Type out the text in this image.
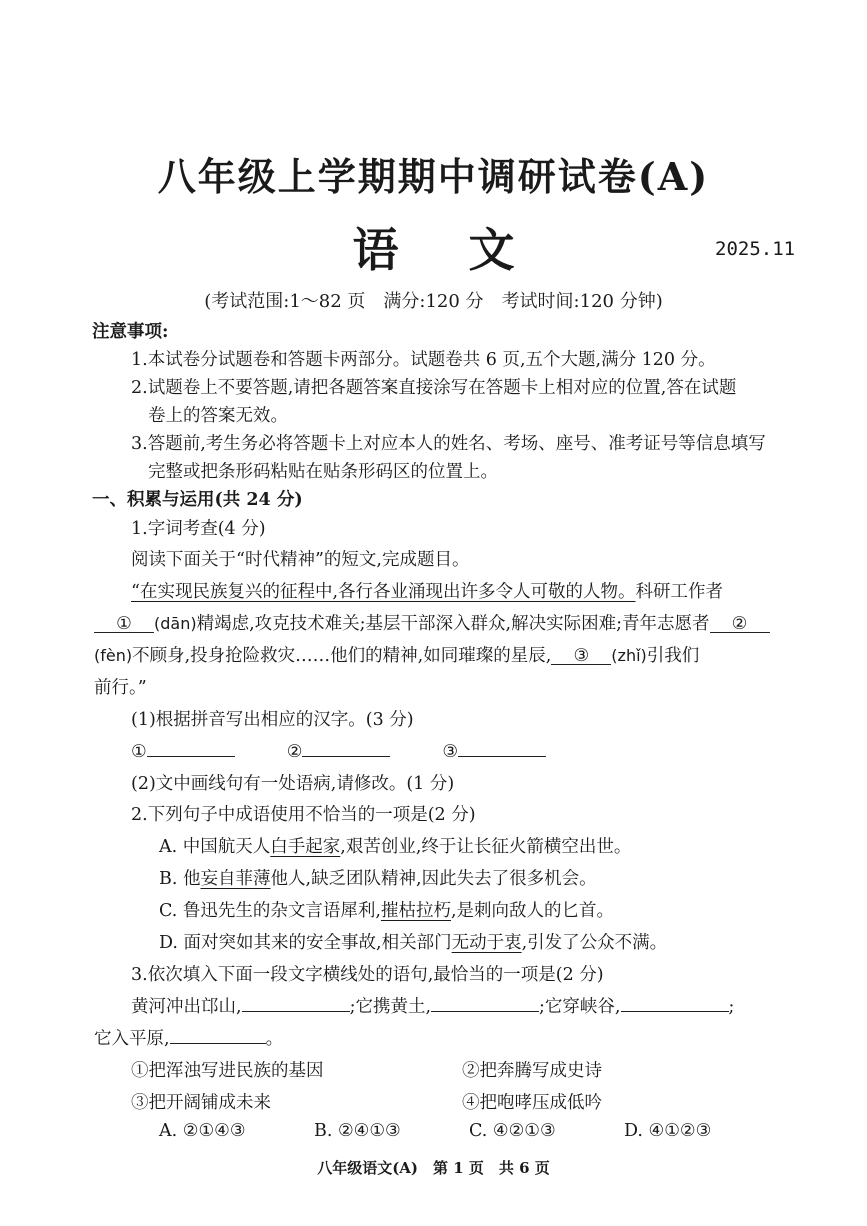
八年级上学期期中调研试卷(A)
语文	2025.11
(考试范围:1～82 页　满分:120 分　考试时间:120 分钟)
注意事项:
1.本试卷分试题卷和答题卡两部分。试题卷共 6 页,五个大题,满分 120 分。
2.试题卷上不要答题,请把各题答案直接涂写在答题卡上相对应的位置,答在试题
卷上的答案无效。
3.答题前,考生务必将答题卡上对应本人的姓名、考场、座号、准考证号等信息填写
完整或把条形码粘贴在贴条形码区的位置上。
一、积累与运用(共 24 分)
1.字词考查(4 分)
阅读下面关于“时代精神”的短文,完成题目。
“在实现民族复兴的征程中,各行各业涌现出许多令人可敬的人物。科研工作者
① (dān)精竭虑,攻克技术难关;基层干部深入群众,解决实际困难;青年志愿者 ②
(fèn)不顾身,投身抢险救灾……他们的精神,如同璀璨的星辰, ③ (zhǐ)引我们
前行。”
(1)根据拼音写出相应的汉字。(3 分)
①	②	③
(2)文中画线句有一处语病,请修改。(1 分)
2.下列句子中成语使用不恰当的一项是(2 分)
A. 中国航天人白手起家,艰苦创业,终于让长征火箭横空出世。
B. 他妄自菲薄他人,缺乏团队精神,因此失去了很多机会。
C. 鲁迅先生的杂文言语犀利,摧枯拉朽,是刺向敌人的匕首。
D. 面对突如其来的安全事故,相关部门无动于衷,引发了公众不满。
3.依次填入下面一段文字横线处的语句,最恰当的一项是(2 分)
黄河冲出邙山,	;它携黄土,	;它穿峡谷,	;
它入平原,	。
①把浑浊写进民族的基因	②把奔腾写成史诗
③把开阔铺成未来	④把咆哮压成低吟
A. ②①④③	B. ②④①③	C. ④②①③	D. ④①②③
八年级语文(A)　第 1 页　共 6 页
